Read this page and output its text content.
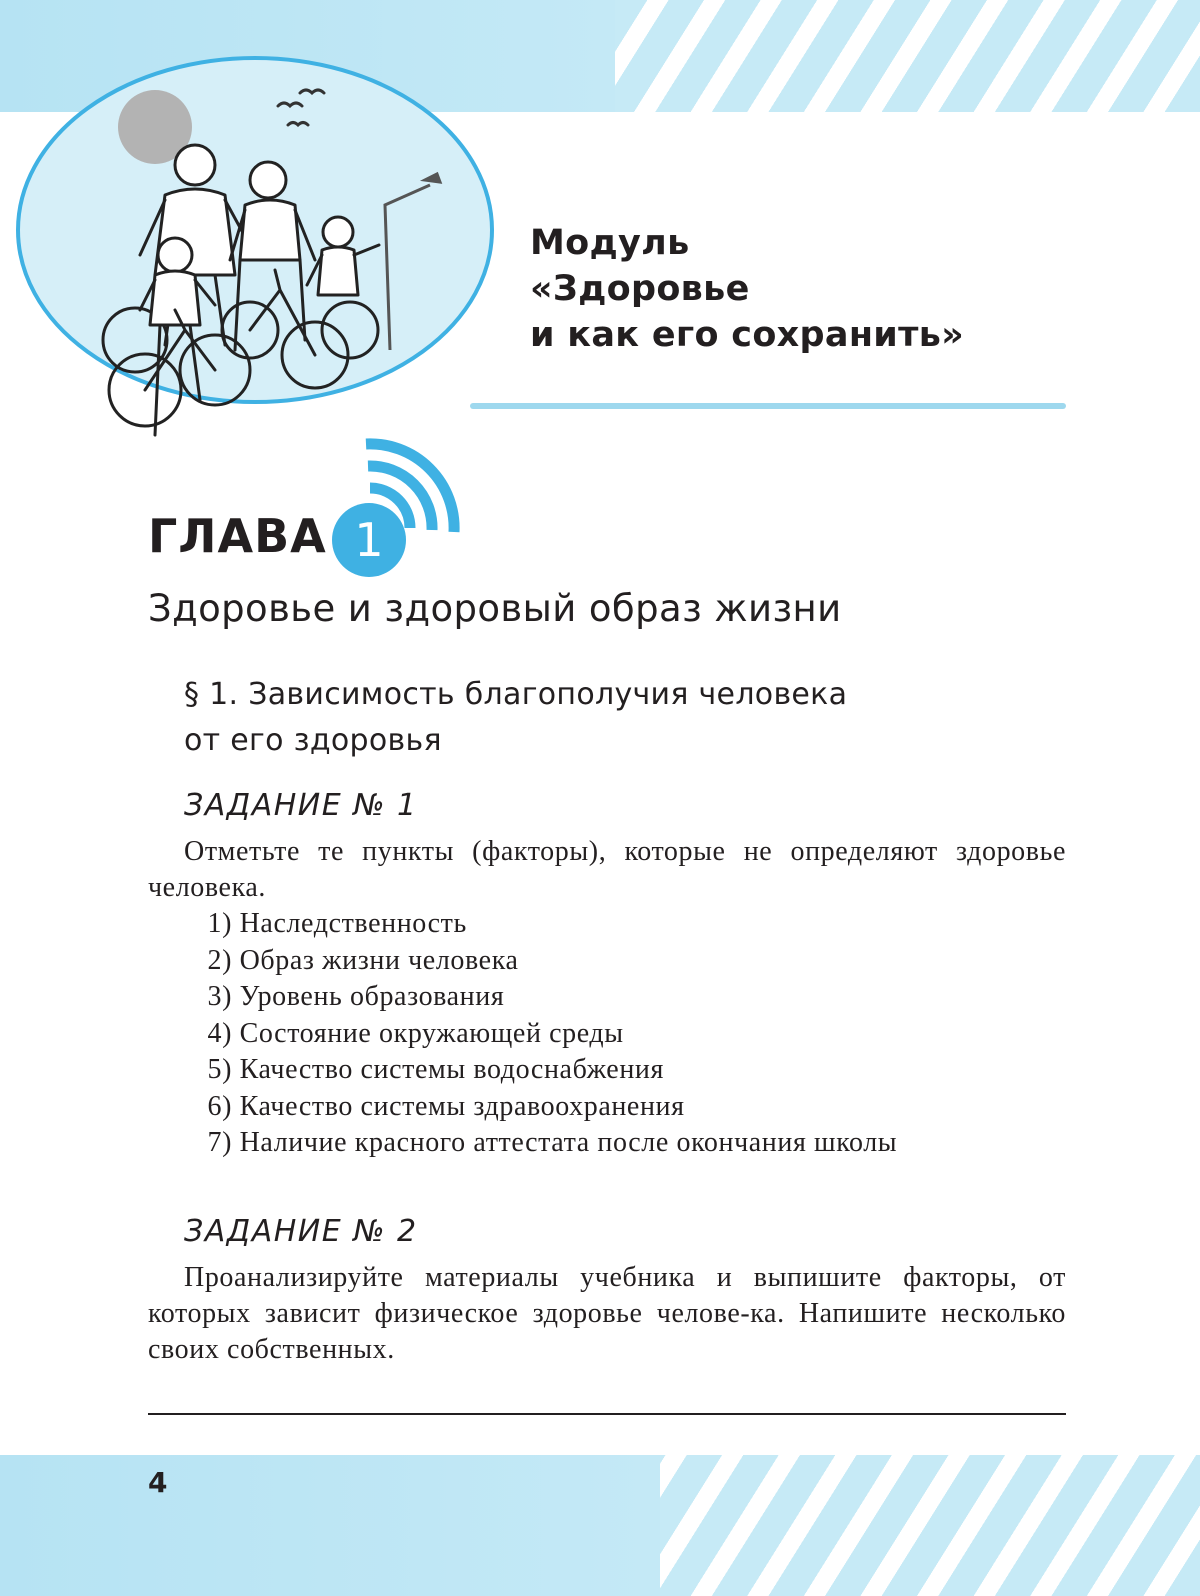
Модуль
«Здоровье
и как его сохранить»
ГЛАВА 1
Здоровье и здоровый образ жизни
§ 1. Зависимость благополучия человека
от его здоровья
ЗАДАНИЕ № 1
Отметьте те пункты (факторы), которые не определяют здоровье человека.
1) Наследственность
2) Образ жизни человека
3) Уровень образования
4) Состояние окружающей среды
5) Качество системы водоснабжения
6) Качество системы здравоохранения
7) Наличие красного аттестата после окончания школы
ЗАДАНИЕ № 2
Проанализируйте материалы учебника и выпишите факторы, от которых зависит физическое здоровье челове-ка. Напишите несколько своих собственных.
4
